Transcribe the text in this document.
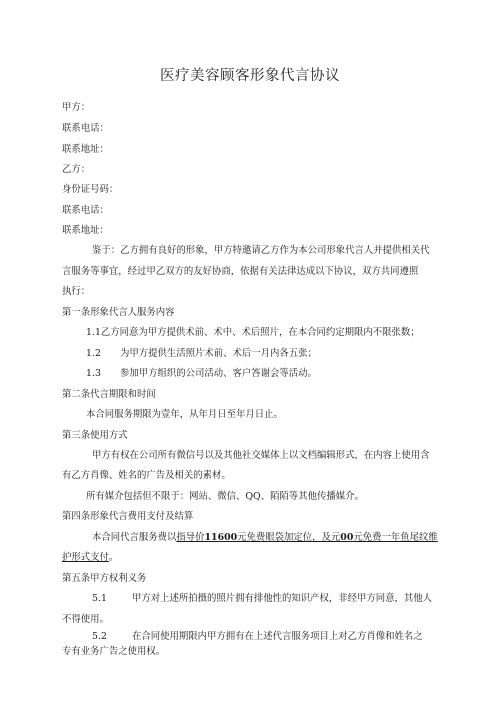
医疗美容顾客形象代言协议
甲方：
联系电话：
联系地址：
乙方：
身份证号码：
联系电话：
联系地址：
鉴于：乙方拥有良好的形象，甲方特邀请乙方作为本公司形象代言人并提供相关代
言服务等事宜，经过甲乙双方的友好协商，依据有关法律达成以下协议，双方共同遵照
执行：
第一条形象代言人服务内容
1.1乙方同意为甲方提供术前、术中、术后照片，在本合同约定期限内不限张数；
1.2 为甲方提供生活照片术前、术后一月内各五张；
1.3 参加甲方组织的公司活动、客户答谢会等活动。
第二条代言期限和时间
本合同服务期限为壹年，从年月日至年月日止。
第三条使用方式
甲方有权在公司所有微信号以及其他社交媒体上以文档编辑形式，在内容上使用含
有乙方肖像、姓名的广告及相关的素材。
所有媒介包括但不限于：网站、微信、QQ、陌陌等其他传播媒介。
第四条形象代言费用支付及结算
本合同代言服务费以指导价11600元免费眼袋加定位，及元00元免费一年鱼尾纹维
护形式支付。
第五条甲方权利义务
5.1	甲方对上述所拍摄的照片拥有排他性的知识产权，非经甲方同意，其他人
不得使用。
5.2	在合同使用期限内甲方拥有在上述代言服务项目上对乙方肖像和姓名之
专有业务广告之使用权。
